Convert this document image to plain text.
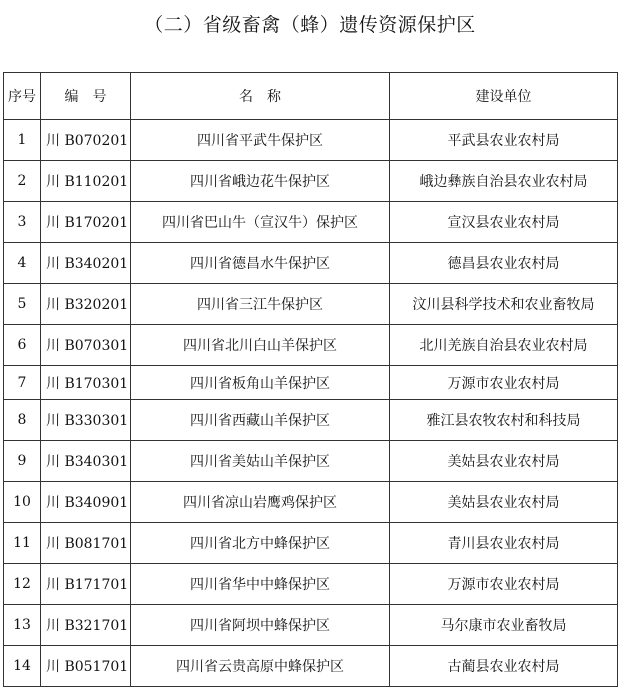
（二）省级畜禽（蜂）遗传资源保护区
序号	编　号	名　称	建设单位
1	川 B070201	四川省平武牛保护区	平武县农业农村局
2	川 B110201	四川省峨边花牛保护区	峨边彝族自治县农业农村局
3	川 B170201	四川省巴山牛（宣汉牛）保护区	宣汉县农业农村局
4	川 B340201	四川省德昌水牛保护区	德昌县农业农村局
5	川 B320201	四川省三江牛保护区	汶川县科学技术和农业畜牧局
6	川 B070301	四川省北川白山羊保护区	北川羌族自治县农业农村局
7	川 B170301	四川省板角山羊保护区	万源市农业农村局
8	川 B330301	四川省西藏山羊保护区	雅江县农牧农村和科技局
9	川 B340301	四川省美姑山羊保护区	美姑县农业农村局
10	川 B340901	四川省凉山岩鹰鸡保护区	美姑县农业农村局
11	川 B081701	四川省北方中蜂保护区	青川县农业农村局
12	川 B171701	四川省华中中蜂保护区	万源市农业农村局
13	川 B321701	四川省阿坝中蜂保护区	马尔康市农业畜牧局
14	川 B051701	四川省云贵高原中蜂保护区	古蔺县农业农村局
